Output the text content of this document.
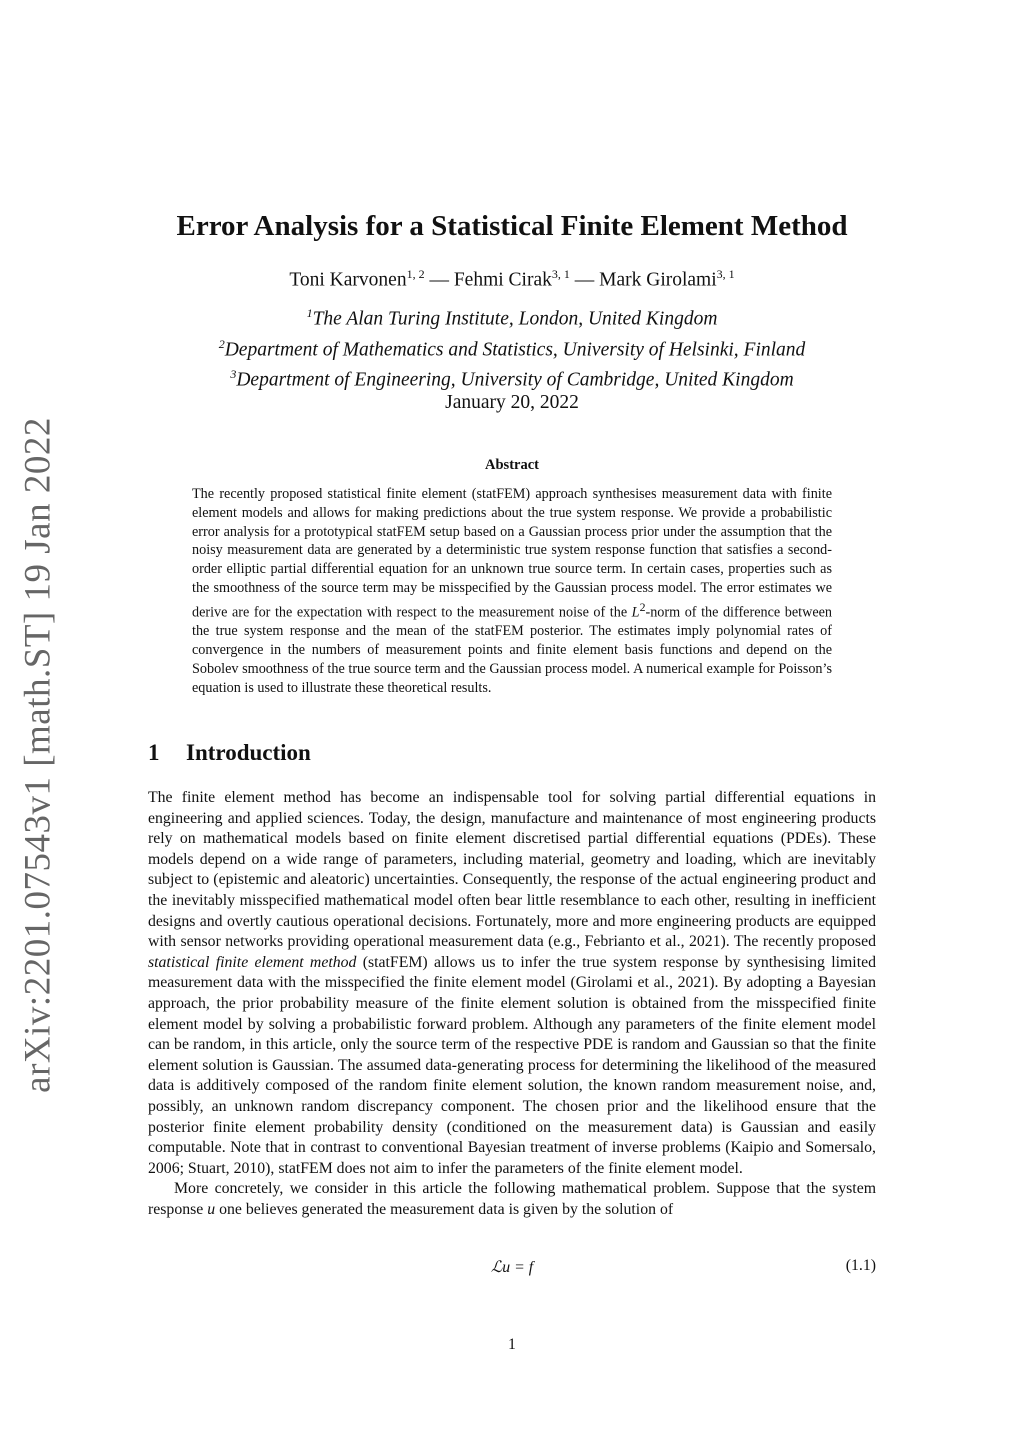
arXiv:2201.07543v1 [math.ST] 19 Jan 2022
Error Analysis for a Statistical Finite Element Method
Toni Karvonen$^{1, 2}$ — Fehmi Cirak$^{3, 1}$ — Mark Girolami$^{3, 1}$
$^1$The Alan Turing Institute, London, United Kingdom
$^2$Department of Mathematics and Statistics, University of Helsinki, Finland
$^3$Department of Engineering, University of Cambridge, United Kingdom
January 20, 2022
Abstract
The recently proposed statistical finite element (statFEM) approach synthesises measurement data with finite element models and allows for making predictions about the true system response. We provide a probabilistic error analysis for a prototypical statFEM setup based on a Gaussian process prior under the assumption that the noisy measurement data are generated by a deterministic true system response function that satisfies a second-order elliptic partial differential equation for an unknown true source term. In certain cases, properties such as the smoothness of the source term may be misspecified by the Gaussian process model. The error estimates we derive are for the expectation with respect to the measurement noise of the $L^2$-norm of the difference between the true system response and the mean of the statFEM posterior. The estimates imply polynomial rates of convergence in the numbers of measurement points and finite element basis functions and depend on the Sobolev smoothness of the true source term and the Gaussian process model. A numerical example for Poisson’s equation is used to illustrate these theoretical results.
1 Introduction

The finite element method has become an indispensable tool for solving partial differential equations in engineering and applied sciences. Today, the design, manufacture and maintenance of most engineering products rely on mathematical models based on finite element discretised partial differential equations (PDEs). These models depend on a wide range of parameters, including material, geometry and loading, which are inevitably subject to (epistemic and aleatoric) uncertainties. Consequently, the response of the actual engineering product and the inevitably misspecified mathematical model often bear little resemblance to each other, resulting in inefficient designs and overtly cautious operational decisions. Fortunately, more and more engineering products are equipped with sensor networks providing operational measurement data (e.g., Febrianto et al., 2021). The recently proposed statistical finite element method (statFEM) allows us to infer the true system response by synthesising limited measurement data with the misspecified the finite element model (Girolami et al., 2021). By adopting a Bayesian approach, the prior probability measure of the finite element solution is obtained from the misspecified finite element model by solving a probabilistic forward problem. Although any parameters of the finite element model can be random, in this article, only the source term of the respective PDE is random and Gaussian so that the finite element solution is Gaussian. The assumed data-generating process for determining the likelihood of the measured data is additively composed of the random finite element solution, the known random measurement noise, and, possibly, an unknown random discrepancy component. The chosen prior and the likelihood ensure that the posterior finite element probability density (conditioned on the measurement data) is Gaussian and easily computable. Note that in contrast to conventional Bayesian treatment of inverse problems (Kaipio and Somersalo, 2006; Stuart, 2010), statFEM does not aim to infer the parameters of the finite element model.

More concretely, we consider in this article the following mathematical problem. Suppose that the system response u one believes generated the measurement data is given by the solution of

ℒu = f	(1.1)
1
